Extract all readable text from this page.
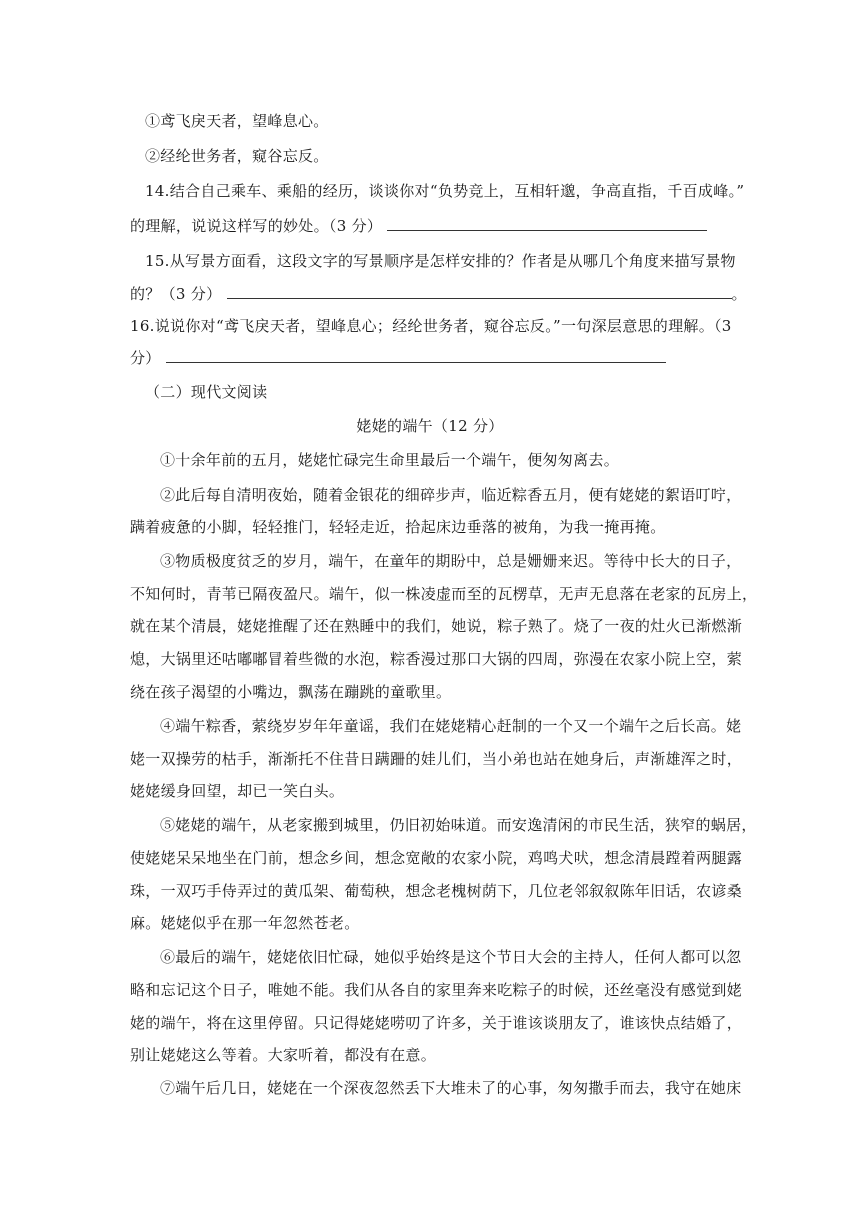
①鸢飞戾天者，望峰息心。
②经纶世务者，窥谷忘反。
14.结合自己乘车、乘船的经历，谈谈你对“负势竞上，互相轩邈，争高直指，千百成峰。”
的理解，说说这样写的妙处。（3 分）
15.从写景方面看，这段文字的写景顺序是怎样安排的？作者是从哪几个角度来描写景物
的？（3 分）	。
16.说说你对“鸢飞戾天者，望峰息心；经纶世务者，窥谷忘反。”一句深层意思的理解。（3
分）
（二）现代文阅读
姥姥的端午（12 分）
①十余年前的五月，姥姥忙碌完生命里最后一个端午，便匆匆离去。
②此后每自清明夜始，随着金银花的细碎步声，临近粽香五月，便有姥姥的絮语叮咛，
蹒着疲惫的小脚，轻轻推门，轻轻走近，拾起床边垂落的被角，为我一掩再掩。
③物质极度贫乏的岁月，端午，在童年的期盼中，总是姗姗来迟。等待中长大的日子，
不知何时，青苇已隔夜盈尺。端午，似一株凌虚而至的瓦楞草，无声无息落在老家的瓦房上，
就在某个清晨，姥姥推醒了还在熟睡中的我们，她说，粽子熟了。烧了一夜的灶火已渐燃渐
熄，大锅里还咕嘟嘟冒着些微的水泡，粽香漫过那口大锅的四周，弥漫在农家小院上空，萦
绕在孩子渴望的小嘴边，飘荡在蹦跳的童歌里。
④端午粽香，萦绕岁岁年年童谣，我们在姥姥精心赶制的一个又一个端午之后长高。姥
姥一双操劳的枯手，渐渐托不住昔日蹒跚的娃儿们，当小弟也站在她身后，声渐雄浑之时，
姥姥缓身回望，却已一笑白头。
⑤姥姥的端午，从老家搬到城里，仍旧初始味道。而安逸清闲的市民生活，狭窄的蜗居，
使姥姥呆呆地坐在门前，想念乡间，想念宽敞的农家小院，鸡鸣犬吠，想念清晨蹚着两腿露
珠，一双巧手侍弄过的黄瓜架、葡萄秧，想念老槐树荫下，几位老邻叙叙陈年旧话，农谚桑
麻。姥姥似乎在那一年忽然苍老。
⑥最后的端午，姥姥依旧忙碌，她似乎始终是这个节日大会的主持人，任何人都可以忽
略和忘记这个日子，唯她不能。我们从各自的家里奔来吃粽子的时候，还丝毫没有感觉到姥
姥的端午，将在这里停留。只记得姥姥唠叨了许多，关于谁该谈朋友了，谁该快点结婚了，
别让姥姥这么等着。大家听着，都没有在意。
⑦端午后几日，姥姥在一个深夜忽然丢下大堆未了的心事，匆匆撒手而去，我守在她床
